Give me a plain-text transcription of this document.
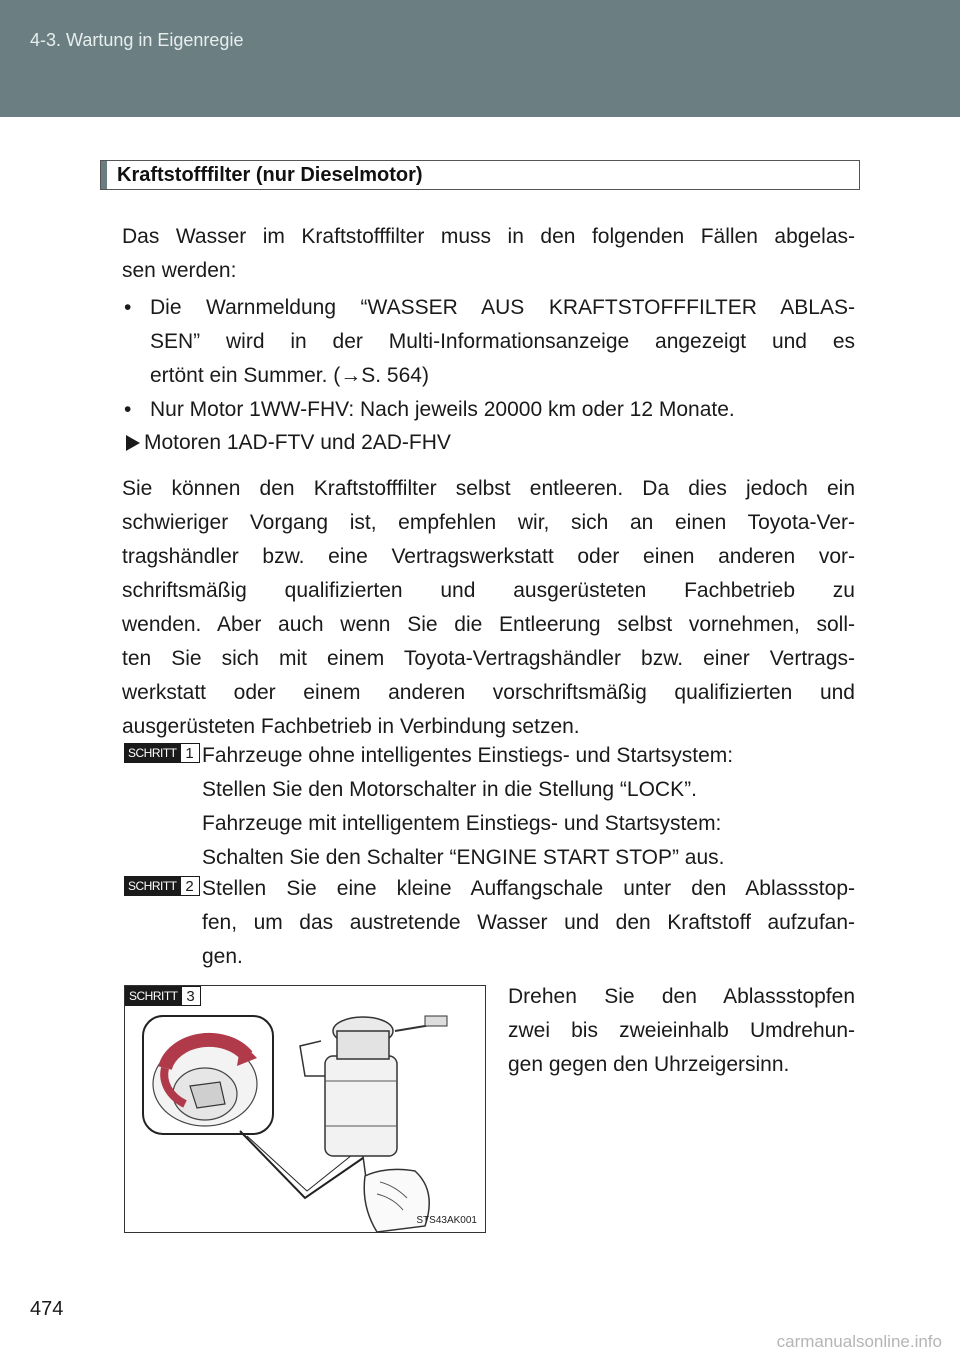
4-3. Wartung in Eigenregie
Kraftstofffilter (nur Dieselmotor)
Das Wasser im Kraftstofffilter muss in den folgenden Fällen abgelas-
sen werden:
• Die Warnmeldung “WASSER AUS KRAFTSTOFFFILTER ABLAS-
SEN” wird in der Multi-Informationsanzeige angezeigt und es
ertönt ein Summer. (→S. 564)
• Nur Motor 1WW-FHV: Nach jeweils 20000 km oder 12 Monate.
Motoren 1AD-FTV und 2AD-FHV
Sie können den Kraftstofffilter selbst entleeren. Da dies jedoch ein
schwieriger Vorgang ist, empfehlen wir, sich an einen Toyota-Ver-
tragshändler bzw. eine Vertragswerkstatt oder einen anderen vor-
schriftsmäßig qualifizierten und ausgerüsteten Fachbetrieb zu
wenden. Aber auch wenn Sie die Entleerung selbst vornehmen, soll-
ten Sie sich mit einem Toyota-Vertragshändler bzw. einer Vertrags-
werkstatt oder einem anderen vorschriftsmäßig qualifizierten und
ausgerüsteten Fachbetrieb in Verbindung setzen.
SCHRITT 1 Fahrzeuge ohne intelligentes Einstiegs- und Startsystem:
Stellen Sie den Motorschalter in die Stellung “LOCK”.
Fahrzeuge mit intelligentem Einstiegs- und Startsystem:
Schalten Sie den Schalter “ENGINE START STOP” aus.
SCHRITT 2 Stellen Sie eine kleine Auffangschale unter den Ablassstop-
fen, um das austretende Wasser und den Kraftstoff aufzufan-
gen.
Drehen Sie den Ablassstopfen
zwei bis zweieinhalb Umdrehun-
gen gegen den Uhrzeigersinn.
SCHRITT 3
STS43AK001
474
carmanualsonline.info
